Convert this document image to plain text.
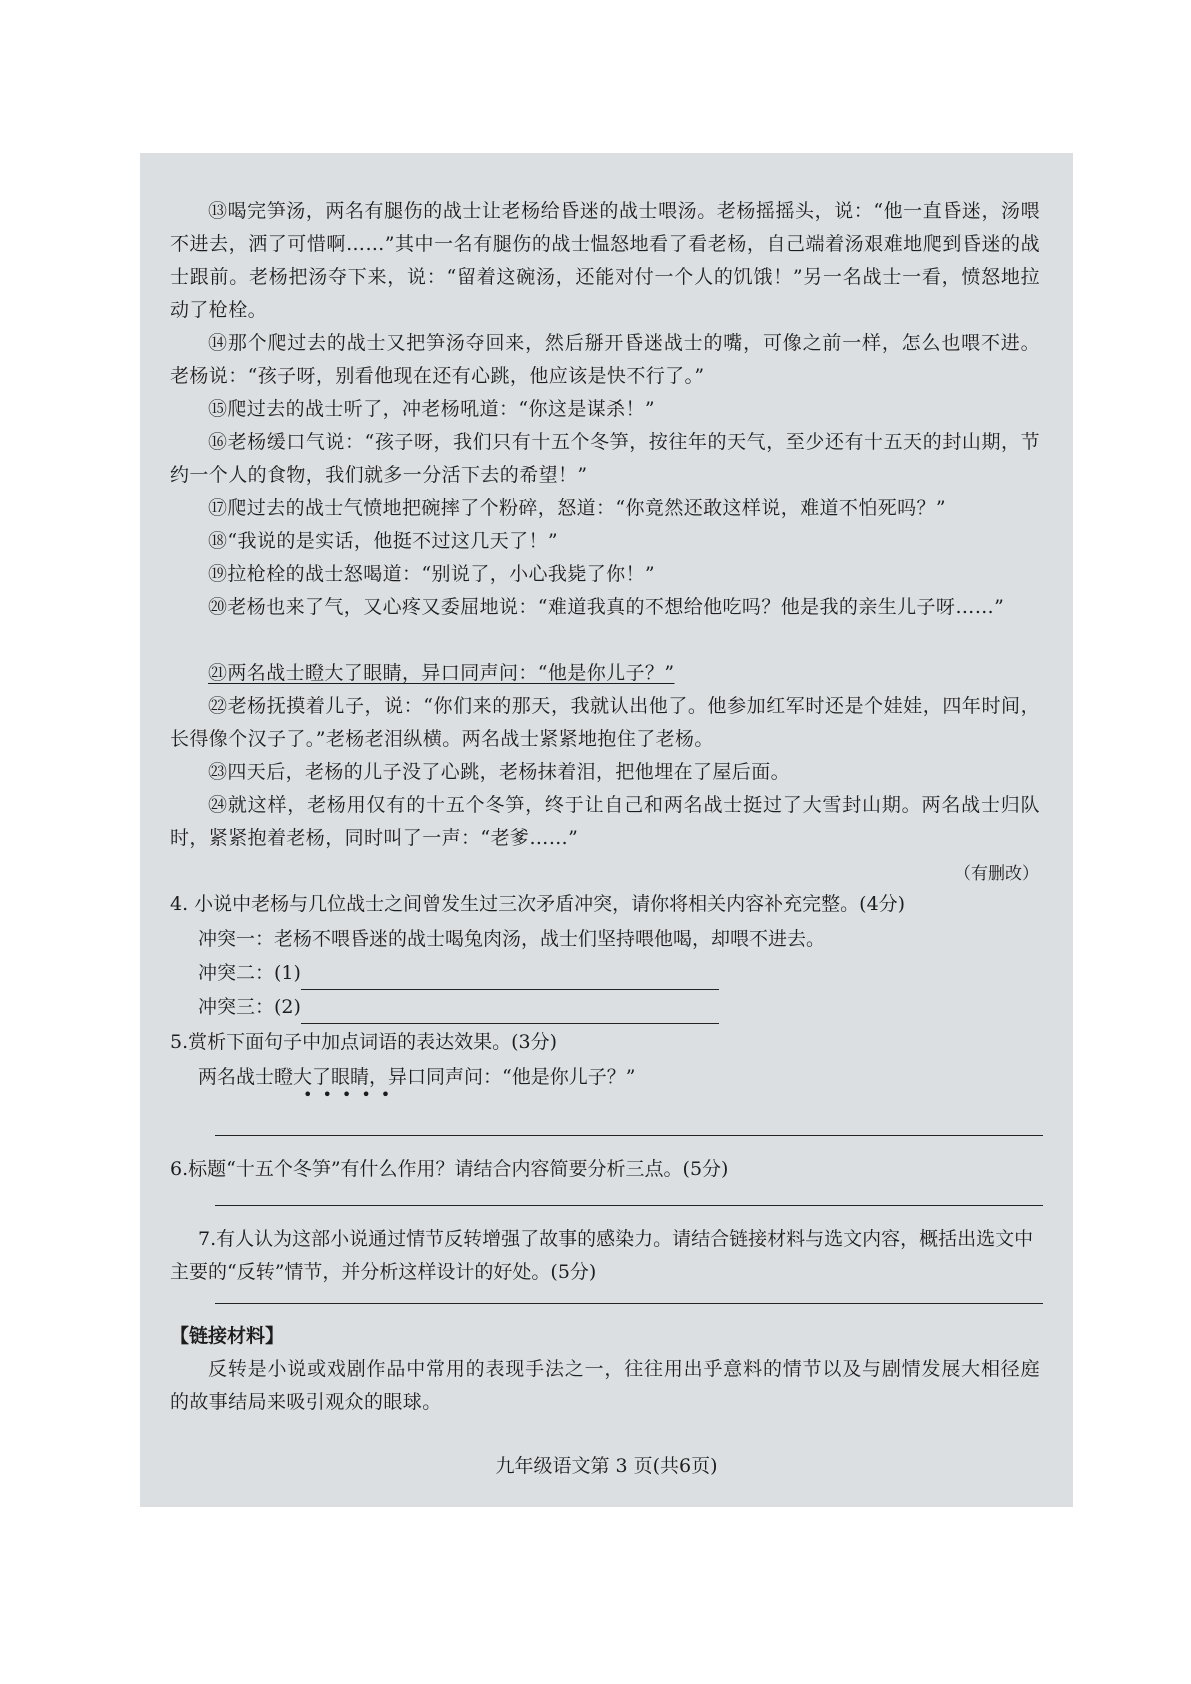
⑬喝完笋汤，两名有腿伤的战士让老杨给昏迷的战士喂汤。老杨摇摇头，说：“他一直昏迷，汤喂不进去，洒了可惜啊……”其中一名有腿伤的战士愠怒地看了看老杨，自己端着汤艰难地爬到昏迷的战士跟前。老杨把汤夺下来，说：“留着这碗汤，还能对付一个人的饥饿！”另一名战士一看，愤怒地拉动了枪栓。

⑭那个爬过去的战士又把笋汤夺回来，然后掰开昏迷战士的嘴，可像之前一样，怎么也喂不进。老杨说：“孩子呀，别看他现在还有心跳，他应该是快不行了。”

⑮爬过去的战士听了，冲老杨吼道：“你这是谋杀！”

⑯老杨缓口气说：“孩子呀，我们只有十五个冬笋，按往年的天气，至少还有十五天的封山期，节约一个人的食物，我们就多一分活下去的希望！”

⑰爬过去的战士气愤地把碗摔了个粉碎，怒道：“你竟然还敢这样说，难道不怕死吗？”

⑱“我说的是实话，他挺不过这几天了！”

⑲拉枪栓的战士怒喝道：“别说了，小心我毙了你！”

⑳老杨也来了气，又心疼又委屈地说：“难道我真的不想给他吃吗？他是我的亲生儿子呀……”

㉑两名战士瞪大了眼睛，异口同声问：“他是你儿子？”

㉒老杨抚摸着儿子，说：“你们来的那天，我就认出他了。他参加红军时还是个娃娃，四年时间，长得像个汉子了。”老杨老泪纵横。两名战士紧紧地抱住了老杨。

㉓四天后，老杨的儿子没了心跳，老杨抹着泪，把他埋在了屋后面。

㉔就这样，老杨用仅有的十五个冬笋，终于让自己和两名战士挺过了大雪封山期。两名战士归队时，紧紧抱着老杨，同时叫了一声：“老爹……”

（有删改）

4. 小说中老杨与几位战士之间曾发生过三次矛盾冲突，请你将相关内容补充完整。(4分)

冲突一：老杨不喂昏迷的战士喝兔肉汤，战士们坚持喂他喝，却喂不进去。

冲突二：(1)

冲突三：(2)

5.赏析下面句子中加点词语的表达效果。(3分)

两名战士瞪大了眼睛，异口同声问：“他是你儿子？”

•••••

6.标题“十五个冬笋”有什么作用？请结合内容简要分析三点。(5分)

7.有人认为这部小说通过情节反转增强了故事的感染力。请结合链接材料与选文内容，概括出选文中主要的“反转”情节，并分析这样设计的好处。(5分)

【链接材料】

反转是小说或戏剧作品中常用的表现手法之一，往往用出乎意料的情节以及与剧情发展大相径庭的故事结局来吸引观众的眼球。

九年级语文第 3 页(共6页)
